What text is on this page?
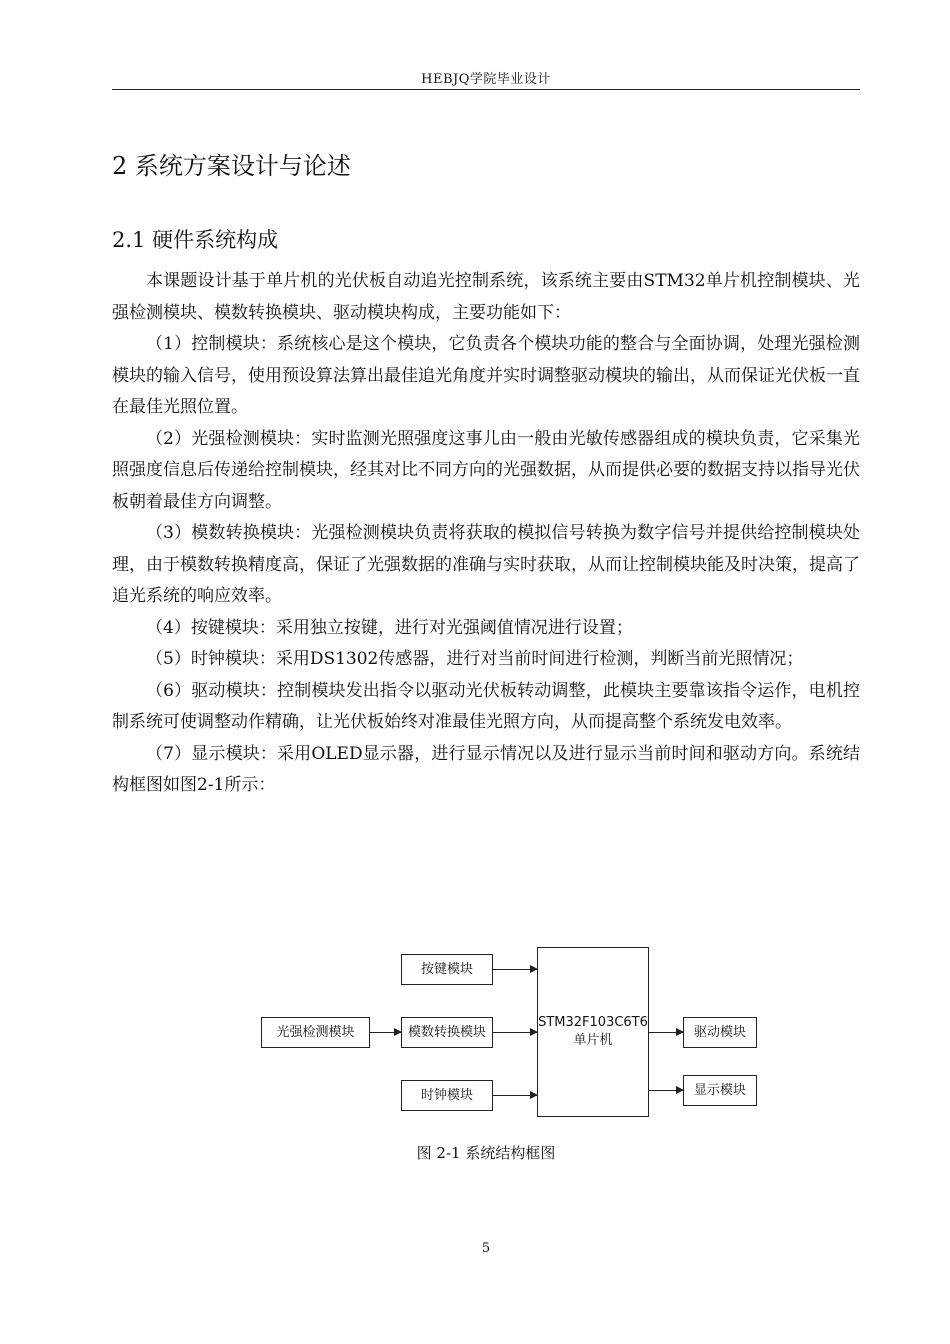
HEBJQ学院毕业设计
2 系统方案设计与论述
2.1 硬件系统构成

本课题设计基于单片机的光伏板自动追光控制系统，该系统主要由STM32单片机控制模块、光强检测模块、模数转换模块、驱动模块构成，主要功能如下：

（1）控制模块：系统核心是这个模块，它负责各个模块功能的整合与全面协调，处理光强检测模块的输入信号，使用预设算法算出最佳追光角度并实时调整驱动模块的输出，从而保证光伏板一直在最佳光照位置。

（2）光强检测模块：实时监测光照强度这事儿由一般由光敏传感器组成的模块负责，它采集光照强度信息后传递给控制模块，经其对比不同方向的光强数据，从而提供必要的数据支持以指导光伏板朝着最佳方向调整。

（3）模数转换模块：光强检测模块负责将获取的模拟信号转换为数字信号并提供给控制模块处理，由于模数转换精度高，保证了光强数据的准确与实时获取，从而让控制模块能及时决策，提高了追光系统的响应效率。

（4）按键模块：采用独立按键，进行对光强阈值情况进行设置；

（5）时钟模块：采用DS1302传感器，进行对当前时间进行检测，判断当前光照情况；

（6）驱动模块：控制模块发出指令以驱动光伏板转动调整，此模块主要靠该指令运作，电机控制系统可使调整动作精确，让光伏板始终对准最佳光照方向，从而提高整个系统发电效率。

（7）显示模块：采用OLED显示器，进行显示情况以及进行显示当前时间和驱动方向。系统结构框图如图2-1所示：

按键模块
光强检测模块	模数转换模块
时钟模块
STM32F103C6T6
单片机
驱动模块
显示模块
图 2-1 系统结构框图
5
